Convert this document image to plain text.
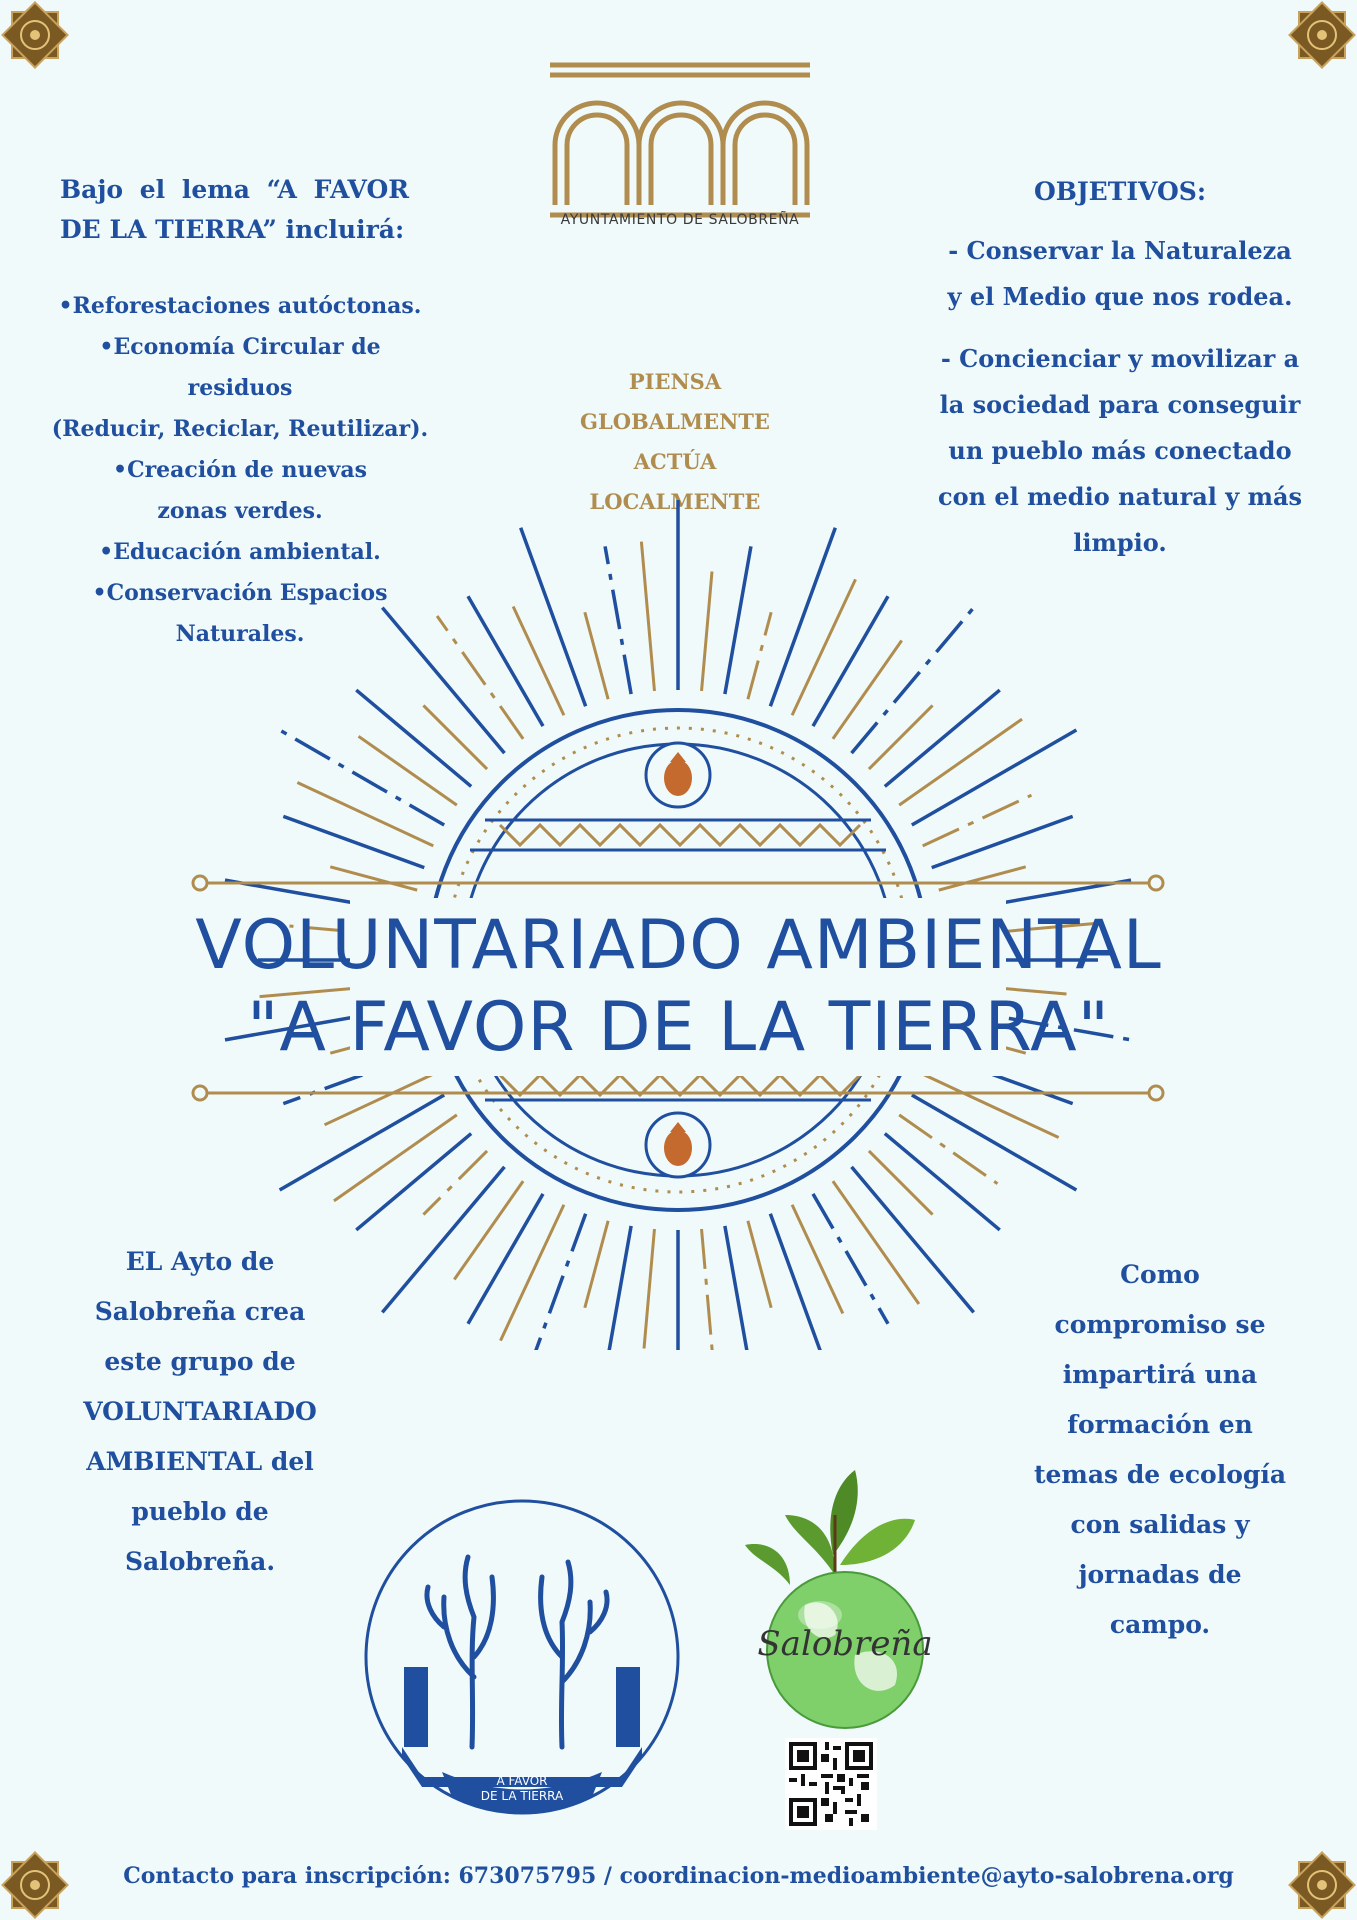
AYUNTAMIENTO DE SALOBREÑA
Bajo el lema “A FAVOR
DE LA TIERRA” incluirá:
•Reforestaciones autóctonas.
•Economía Circular de residuos
(Reducir, Reciclar, Reutilizar).
•Creación de nuevas
zonas verdes.
•Educación ambiental.
•Conservación Espacios
Naturales.
OBJETIVOS:
- Conservar la Naturaleza
y el Medio que nos rodea.
- Concienciar y movilizar a
la sociedad para conseguir
un pueblo más conectado
con el medio natural y más
limpio.
PIENSA
GLOBALMENTE
ACTÚA
LOCALMENTE
VOLUNTARIADO AMBIENTAL
"A FAVOR DE LA TIERRA"
EL Ayto de
Salobreña crea
este grupo de
VOLUNTARIADO
AMBIENTAL del
pueblo de
Salobreña.
Como
compromiso se
impartirá una
formación en
temas de ecología
con salidas y
jornadas de
campo.
A FAVOR
DE LA TIERRA
Salobreña
Contacto para inscripción: 673075795 / coordinacion-medioambiente@ayto-salobrena.org
